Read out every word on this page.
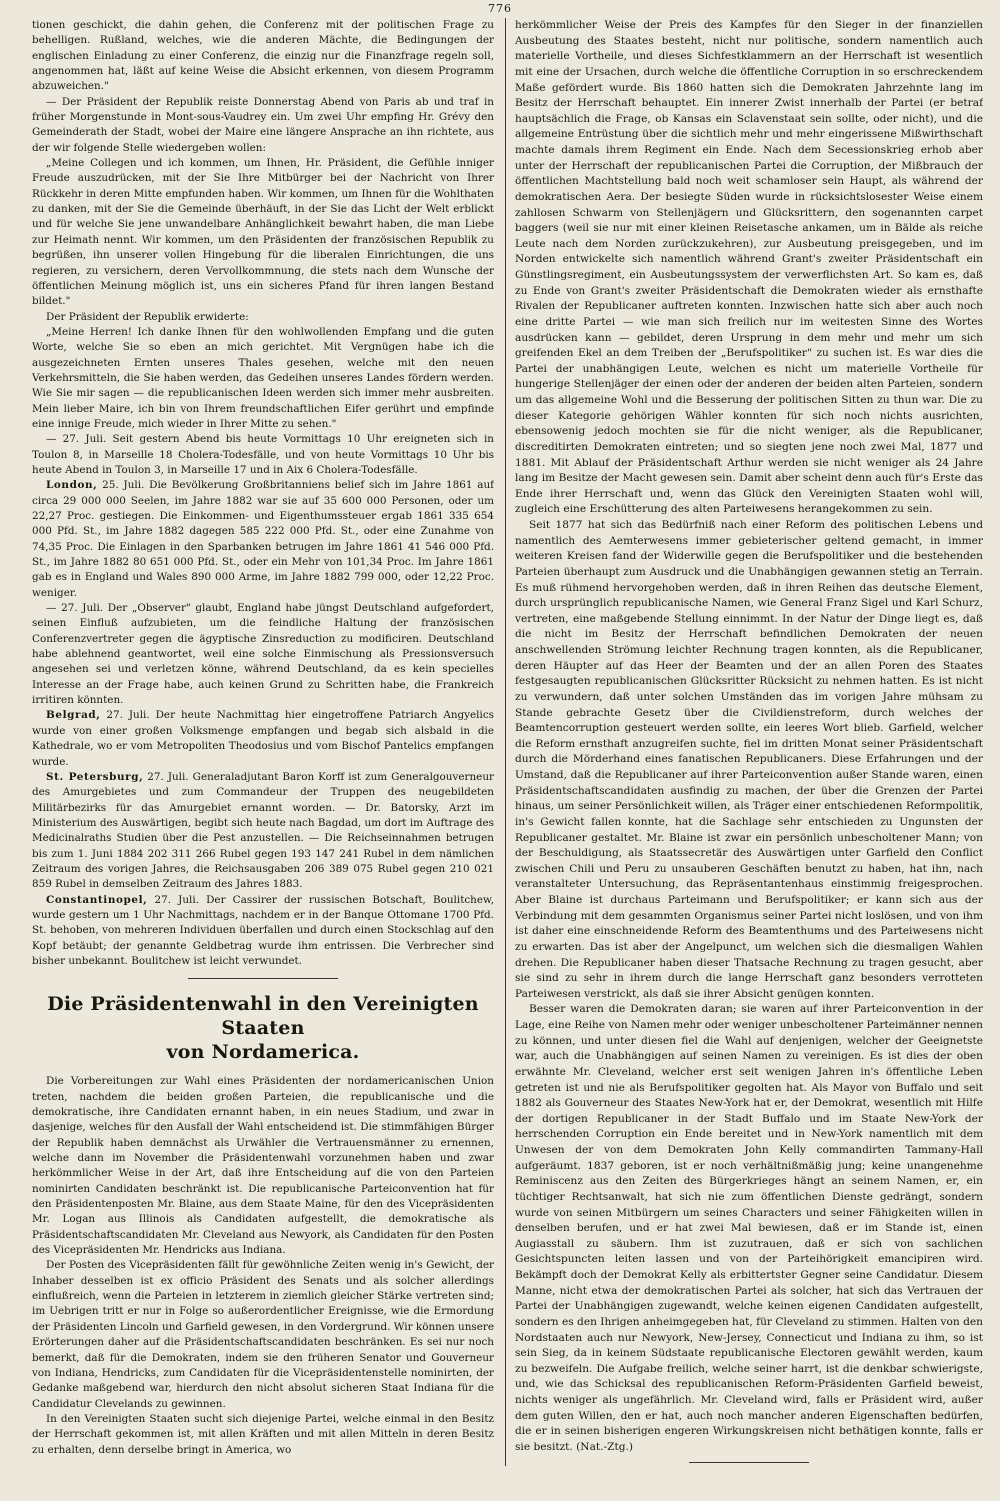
776

tionen geschickt, die dahin gehen, die Conferenz mit der politischen Frage zu behelligen. Rußland, welches, wie die anderen Mächte, die Bedingungen der englischen Einladung zu einer Conferenz, die einzig nur die Finanzfrage regeln soll, angenommen hat, läßt auf keine Weise die Absicht erkennen, von diesem Programm abzuweichen."

— Der Präsident der Republik reiste Donnerstag Abend von Paris ab und traf in früher Morgenstunde in Mont-sous-Vaudrey ein. Um zwei Uhr empfing Hr. Grévy den Gemeinderath der Stadt, wobei der Maire eine längere Ansprache an ihn richtete, aus der wir folgende Stelle wiedergeben wollen:

„Meine Collegen und ich kommen, um Ihnen, Hr. Präsident, die Gefühle inniger Freude auszudrücken, mit der Sie Ihre Mitbürger bei der Nachricht von Ihrer Rückkehr in deren Mitte empfunden haben. Wir kommen, um Ihnen für die Wohlthaten zu danken, mit der Sie die Gemeinde überhäuft, in der Sie das Licht der Welt erblickt und für welche Sie jene unwandelbare Anhänglichkeit bewahrt haben, die man Liebe zur Heimath nennt. Wir kommen, um den Präsidenten der französischen Republik zu begrüßen, ihn unserer vollen Hingebung für die liberalen Einrichtungen, die uns regieren, zu versichern, deren Vervollkommnung, die stets nach dem Wunsche der öffentlichen Meinung möglich ist, uns ein sicheres Pfand für ihren langen Bestand bildet."

Der Präsident der Republik erwiderte:

„Meine Herren! Ich danke Ihnen für den wohlwollenden Empfang und die guten Worte, welche Sie so eben an mich gerichtet. Mit Vergnügen habe ich die ausgezeichneten Ernten unseres Thales gesehen, welche mit den neuen Verkehrsmitteln, die Sie haben werden, das Gedeihen unseres Landes fördern werden. Wie Sie mir sagen — die republicanischen Ideen werden sich immer mehr ausbreiten. Mein lieber Maire, ich bin von Ihrem freundschaftlichen Eifer gerührt und empfinde eine innige Freude, mich wieder in Ihrer Mitte zu sehen."

— 27. Juli. Seit gestern Abend bis heute Vormittags 10 Uhr ereigneten sich in Toulon 8, in Marseille 18 Cholera-Todesfälle, und von heute Vormittags 10 Uhr bis heute Abend in Toulon 3, in Marseille 17 und in Aix 6 Cholera-Todesfälle.

London, 25. Juli. Die Bevölkerung Großbritanniens belief sich im Jahre 1861 auf circa 29 000 000 Seelen, im Jahre 1882 war sie auf 35 600 000 Personen, oder um 22,27 Proc. gestiegen. Die Einkommen- und Eigenthumssteuer ergab 1861 335 654 000 Pfd. St., im Jahre 1882 dagegen 585 222 000 Pfd. St., oder eine Zunahme von 74,35 Proc. Die Einlagen in den Sparbanken betrugen im Jahre 1861 41 546 000 Pfd. St., im Jahre 1882 80 651 000 Pfd. St., oder ein Mehr von 101,34 Proc. Im Jahre 1861 gab es in England und Wales 890 000 Arme, im Jahre 1882 799 000, oder 12,22 Proc. weniger.

— 27. Juli. Der „Observer" glaubt, England habe jüngst Deutschland aufgefordert, seinen Einfluß aufzubieten, um die feindliche Haltung der französischen Conferenzvertreter gegen die ägyptische Zinsreduction zu modificiren. Deutschland habe ablehnend geantwortet, weil eine solche Einmischung als Pressionsversuch angesehen sei und verletzen könne, während Deutschland, da es kein specielles Interesse an der Frage habe, auch keinen Grund zu Schritten habe, die Frankreich irritiren könnten.

Belgrad, 27. Juli. Der heute Nachmittag hier eingetroffene Patriarch Angyelics wurde von einer großen Volksmenge empfangen und begab sich alsbald in die Kathedrale, wo er vom Metropoliten Theodosius und vom Bischof Pantelics empfangen wurde.

St. Petersburg, 27. Juli. Generaladjutant Baron Korff ist zum Generalgouverneur des Amurgebietes und zum Commandeur der Truppen des neugebildeten Militärbezirks für das Amurgebiet ernannt worden. — Dr. Batorsky, Arzt im Ministerium des Auswärtigen, begibt sich heute nach Bagdad, um dort im Auftrage des Medicinalraths Studien über die Pest anzustellen. — Die Reichseinnahmen betrugen bis zum 1. Juni 1884 202 311 266 Rubel gegen 193 147 241 Rubel in dem nämlichen Zeitraum des vorigen Jahres, die Reichsausgaben 206 389 075 Rubel gegen 210 021 859 Rubel in demselben Zeitraum des Jahres 1883.

Constantinopel, 27. Juli. Der Cassirer der russischen Botschaft, Boulitchew, wurde gestern um 1 Uhr Nachmittags, nachdem er in der Banque Ottomane 1700 Pfd. St. behoben, von mehreren Individuen überfallen und durch einen Stockschlag auf den Kopf betäubt; der genannte Geldbetrag wurde ihm entrissen. Die Verbrecher sind bisher unbekannt. Boulitchew ist leicht verwundet.

Die Präsidentenwahl in den Vereinigten Staaten
von Nordamerica.

Die Vorbereitungen zur Wahl eines Präsidenten der nordamericanischen Union treten, nachdem die beiden großen Parteien, die republicanische und die demokratische, ihre Candidaten ernannt haben, in ein neues Stadium, und zwar in dasjenige, welches für den Ausfall der Wahl entscheidend ist. Die stimmfähigen Bürger der Republik haben demnächst als Urwähler die Vertrauensmänner zu ernennen, welche dann im November die Präsidentenwahl vorzunehmen haben und zwar herkömmlicher Weise in der Art, daß ihre Entscheidung auf die von den Parteien nominirten Candidaten beschränkt ist. Die republicanische Parteiconvention hat für den Präsidentenposten Mr. Blaine, aus dem Staate Maine, für den des Vicepräsidenten Mr. Logan aus Illinois als Candidaten aufgestellt, die demokratische als Präsidentschaftscandidaten Mr. Cleveland aus Newyork, als Candidaten für den Posten des Vicepräsidenten Mr. Hendricks aus Indiana.

Der Posten des Vicepräsidenten fällt für gewöhnliche Zeiten wenig in's Gewicht, der Inhaber desselben ist ex officio Präsident des Senats und als solcher allerdings einflußreich, wenn die Parteien in letzterem in ziemlich gleicher Stärke vertreten sind; im Uebrigen tritt er nur in Folge so außerordentlicher Ereignisse, wie die Ermordung der Präsidenten Lincoln und Garfield gewesen, in den Vordergrund. Wir können unsere Erörterungen daher auf die Präsidentschaftscandidaten beschränken. Es sei nur noch bemerkt, daß für die Demokraten, indem sie den früheren Senator und Gouverneur von Indiana, Hendricks, zum Candidaten für die Vicepräsidentenstelle nominirten, der Gedanke maßgebend war, hierdurch den nicht absolut sicheren Staat Indiana für die Candidatur Clevelands zu gewinnen.

In den Vereinigten Staaten sucht sich diejenige Partei, welche einmal in den Besitz der Herrschaft gekommen ist, mit allen Kräften und mit allen Mitteln in deren Besitz zu erhalten, denn derselbe bringt in America, wo

herkömmlicher Weise der Preis des Kampfes für den Sieger in der finanziellen Ausbeutung des Staates besteht, nicht nur politische, sondern namentlich auch materielle Vortheile, und dieses Sichfestklammern an der Herrschaft ist wesentlich mit eine der Ursachen, durch welche die öffentliche Corruption in so erschreckendem Maße gefördert wurde. Bis 1860 hatten sich die Demokraten Jahrzehnte lang im Besitz der Herrschaft behauptet. Ein innerer Zwist innerhalb der Partei (er betraf hauptsächlich die Frage, ob Kansas ein Sclavenstaat sein sollte, oder nicht), und die allgemeine Entrüstung über die sichtlich mehr und mehr eingerissene Mißwirthschaft machte damals ihrem Regiment ein Ende. Nach dem Secessionskrieg erhob aber unter der Herrschaft der republicanischen Partei die Corruption, der Mißbrauch der öffentlichen Machtstellung bald noch weit schamloser sein Haupt, als während der demokratischen Aera. Der besiegte Süden wurde in rücksichtslosester Weise einem zahllosen Schwarm von Stellenjägern und Glücksrittern, den sogenannten carpet baggers (weil sie nur mit einer kleinen Reisetasche ankamen, um in Bälde als reiche Leute nach dem Norden zurückzukehren), zur Ausbeutung preisgegeben, und im Norden entwickelte sich namentlich während Grant's zweiter Präsidentschaft ein Günstlingsregiment, ein Ausbeutungssystem der verwerflichsten Art. So kam es, daß zu Ende von Grant's zweiter Präsidentschaft die Demokraten wieder als ernsthafte Rivalen der Republicaner auftreten konnten. Inzwischen hatte sich aber auch noch eine dritte Partei — wie man sich freilich nur im weitesten Sinne des Wortes ausdrücken kann — gebildet, deren Ursprung in dem mehr und mehr um sich greifenden Ekel an dem Treiben der „Berufspolitiker" zu suchen ist. Es war dies die Partei der unabhängigen Leute, welchen es nicht um materielle Vortheile für hungerige Stellenjäger der einen oder der anderen der beiden alten Parteien, sondern um das allgemeine Wohl und die Besserung der politischen Sitten zu thun war. Die zu dieser Kategorie gehörigen Wähler konnten für sich noch nichts ausrichten, ebensowenig jedoch mochten sie für die nicht weniger, als die Republicaner, discreditirten Demokraten eintreten; und so siegten jene noch zwei Mal, 1877 und 1881. Mit Ablauf der Präsidentschaft Arthur werden sie nicht weniger als 24 Jahre lang im Besitze der Macht gewesen sein. Damit aber scheint denn auch für's Erste das Ende ihrer Herrschaft und, wenn das Glück den Vereinigten Staaten wohl will, zugleich eine Erschütterung des alten Parteiwesens herangekommen zu sein.

Seit 1877 hat sich das Bedürfniß nach einer Reform des politischen Lebens und namentlich des Aemterwesens immer gebieterischer geltend gemacht, in immer weiteren Kreisen fand der Widerwille gegen die Berufspolitiker und die bestehenden Parteien überhaupt zum Ausdruck und die Unabhängigen gewannen stetig an Terrain. Es muß rühmend hervorgehoben werden, daß in ihren Reihen das deutsche Element, durch ursprünglich republicanische Namen, wie General Franz Sigel und Karl Schurz, vertreten, eine maßgebende Stellung einnimmt. In der Natur der Dinge liegt es, daß die nicht im Besitz der Herrschaft befindlichen Demokraten der neuen anschwellenden Strömung leichter Rechnung tragen konnten, als die Republicaner, deren Häupter auf das Heer der Beamten und der an allen Poren des Staates festgesaugten republicanischen Glücksritter Rücksicht zu nehmen hatten. Es ist nicht zu verwundern, daß unter solchen Umständen das im vorigen Jahre mühsam zu Stande gebrachte Gesetz über die Civildienstreform, durch welches der Beamtencorruption gesteuert werden sollte, ein leeres Wort blieb. Garfield, welcher die Reform ernsthaft anzugreifen suchte, fiel im dritten Monat seiner Präsidentschaft durch die Mörderhand eines fanatischen Republicaners. Diese Erfahrungen und der Umstand, daß die Republicaner auf ihrer Parteiconvention außer Stande waren, einen Präsidentschaftscandidaten ausfindig zu machen, der über die Grenzen der Partei hinaus, um seiner Persönlichkeit willen, als Träger einer entschiedenen Reformpolitik, in's Gewicht fallen konnte, hat die Sachlage sehr entschieden zu Ungunsten der Republicaner gestaltet. Mr. Blaine ist zwar ein persönlich unbescholtener Mann; von der Beschuldigung, als Staatssecretär des Auswärtigen unter Garfield den Conflict zwischen Chili und Peru zu unsauberen Geschäften benutzt zu haben, hat ihn, nach veranstalteter Untersuchung, das Repräsentantenhaus einstimmig freigesprochen. Aber Blaine ist durchaus Parteimann und Berufspolitiker; er kann sich aus der Verbindung mit dem gesammten Organismus seiner Partei nicht loslösen, und von ihm ist daher eine einschneidende Reform des Beamtenthums und des Parteiwesens nicht zu erwarten. Das ist aber der Angelpunct, um welchen sich die diesmaligen Wahlen drehen. Die Republicaner haben dieser Thatsache Rechnung zu tragen gesucht, aber sie sind zu sehr in ihrem durch die lange Herrschaft ganz besonders verrotteten Parteiwesen verstrickt, als daß sie ihrer Absicht genügen konnten.

Besser waren die Demokraten daran; sie waren auf ihrer Parteiconvention in der Lage, eine Reihe von Namen mehr oder weniger unbescholtener Parteimänner nennen zu können, und unter diesen fiel die Wahl auf denjenigen, welcher der Geeignetste war, auch die Unabhängigen auf seinen Namen zu vereinigen. Es ist dies der oben erwähnte Mr. Cleveland, welcher erst seit wenigen Jahren in's öffentliche Leben getreten ist und nie als Berufspolitiker gegolten hat. Als Mayor von Buffalo und seit 1882 als Gouverneur des Staates New-York hat er, der Demokrat, wesentlich mit Hilfe der dortigen Republicaner in der Stadt Buffalo und im Staate New-York der herrschenden Corruption ein Ende bereitet und in New-York namentlich mit dem Unwesen der von dem Demokraten John Kelly commandirten Tammany-Hall aufgeräumt. 1837 geboren, ist er noch verhältnißmäßig jung; keine unangenehme Reminiscenz aus den Zeiten des Bürgerkrieges hängt an seinem Namen, er, ein tüchtiger Rechtsanwalt, hat sich nie zum öffentlichen Dienste gedrängt, sondern wurde von seinen Mitbürgern um seines Characters und seiner Fähigkeiten willen in denselben berufen, und er hat zwei Mal bewiesen, daß er im Stande ist, einen Augiasstall zu säubern. Ihm ist zuzutrauen, daß er sich von sachlichen Gesichtspuncten leiten lassen und von der Parteihörigkeit emancipiren wird. Bekämpft doch der Demokrat Kelly als erbittertster Gegner seine Candidatur. Diesem Manne, nicht etwa der demokratischen Partei als solcher, hat sich das Vertrauen der Partei der Unabhängigen zugewandt, welche keinen eigenen Candidaten aufgestellt, sondern es den Ihrigen anheimgegeben hat, für Cleveland zu stimmen. Halten von den Nordstaaten auch nur Newyork, New-Jersey, Connecticut und Indiana zu ihm, so ist sein Sieg, da in keinem Südstaate republicanische Electoren gewählt werden, kaum zu bezweifeln. Die Aufgabe freilich, welche seiner harrt, ist die denkbar schwierigste, und, wie das Schicksal des republicanischen Reform-Präsidenten Garfield beweist, nichts weniger als ungefährlich. Mr. Cleveland wird, falls er Präsident wird, außer dem guten Willen, den er hat, auch noch mancher anderen Eigenschaften bedürfen, die er in seinen bisherigen engeren Wirkungskreisen nicht bethätigen konnte, falls er sie besitzt. (Nat.-Ztg.)
